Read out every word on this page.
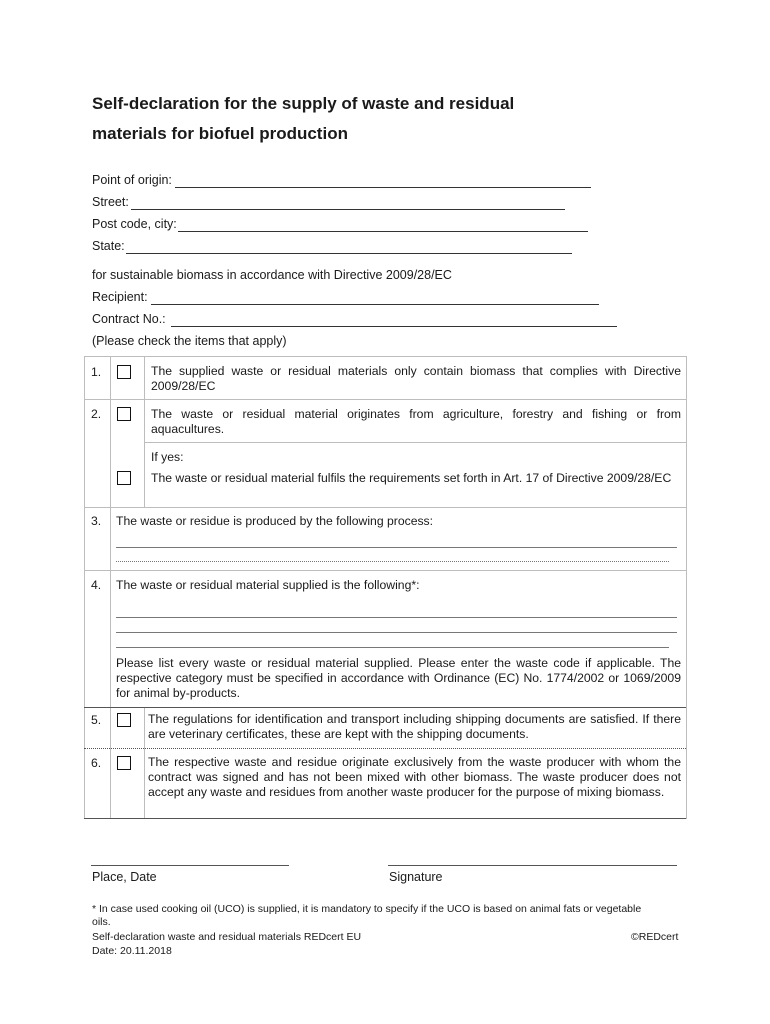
Self-declaration for the supply of waste and residual
materials for biofuel production
Point of origin:
Street:
Post code, city:
State:
for sustainable biomass in accordance with Directive 2009/28/EC
Recipient:
Contract No.:
(Please check the items that apply)
1.	The supplied waste or residual materials only contain biomass that complies with Directive 2009/28/EC
2.	The waste or residual material originates from agriculture, forestry and fishing or from aquacultures.
If yes:
The waste or residual material fulfils the requirements set forth in Art. 17 of Directive 2009/28/EC
3. The waste or residue is produced by the following process:
4. The waste or residual material supplied is the following*:
Please list every waste or residual material supplied. Please enter the waste code if applicable. The respective category must be specified in accordance with Ordinance (EC) No. 1774/2002 or 1069/2009 for animal by-products.
5.	The regulations for identification and transport including shipping documents are satisfied. If there are veterinary certificates, these are kept with the shipping documents.
6.	The respective waste and residue originate exclusively from the waste producer with whom the contract was signed and has not been mixed with other biomass. The waste producer does not accept any waste and residues from another waste producer for the purpose of mixing biomass.
Place, Date	Signature
* In case used cooking oil (UCO) is supplied, it is mandatory to specify if the UCO is based on animal fats or vegetable oils.
Self-declaration waste and residual materials REDcert EU	©REDcert
Date: 20.11.2018
